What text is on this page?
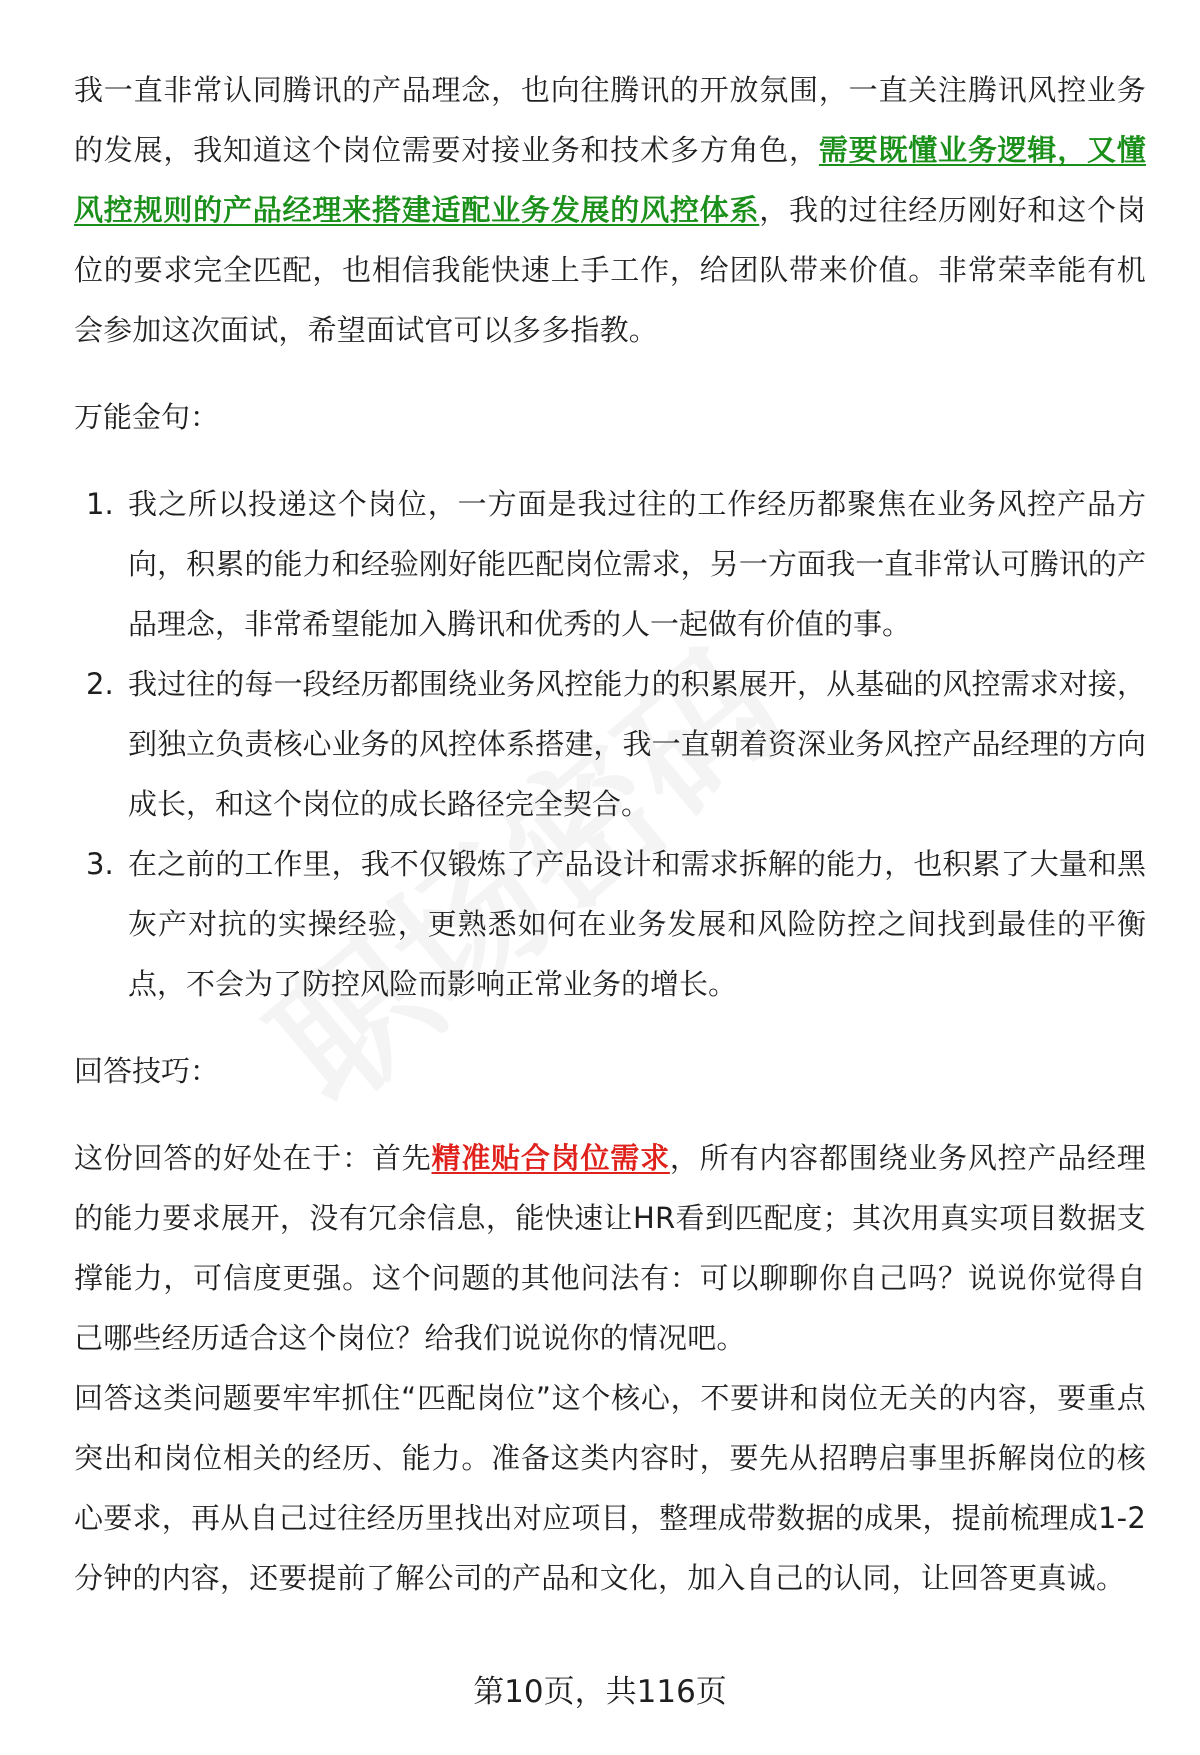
我一直非常认同腾讯的产品理念，也向往腾讯的开放氛围，一直关注腾讯风控业务的发展，我知道这个岗位需要对接业务和技术多方角色，需要既懂业务逻辑，又懂风控规则的产品经理来搭建适配业务发展的风控体系，我的过往经历刚好和这个岗位的要求完全匹配，也相信我能快速上手工作，给团队带来价值。非常荣幸能有机会参加这次面试，希望面试官可以多多指教。

万能金句：
1. 我之所以投递这个岗位，一方面是我过往的工作经历都聚焦在业务风控产品方向，积累的能力和经验刚好能匹配岗位需求，另一方面我一直非常认可腾讯的产品理念，非常希望能加入腾讯和优秀的人一起做有价值的事。
2. 我过往的每一段经历都围绕业务风控能力的积累展开，从基础的风控需求对接，到独立负责核心业务的风控体系搭建，我一直朝着资深业务风控产品经理的方向成长，和这个岗位的成长路径完全契合。
3. 在之前的工作里，我不仅锻炼了产品设计和需求拆解的能力，也积累了大量和黑灰产对抗的实操经验，更熟悉如何在业务发展和风险防控之间找到最佳的平衡点，不会为了防控风险而影响正常业务的增长。
回答技巧：

这份回答的好处在于：首先精准贴合岗位需求，所有内容都围绕业务风控产品经理的能力要求展开，没有冗余信息，能快速让HR看到匹配度；其次用真实项目数据支撑能力，可信度更强。这个问题的其他问法有：可以聊聊你自己吗？说说你觉得自己哪些经历适合这个岗位？给我们说说你的情况吧。

回答这类问题要牢牢抓住“匹配岗位”这个核心，不要讲和岗位无关的内容，要重点突出和岗位相关的经历、能力。准备这类内容时，要先从招聘启事里拆解岗位的核心要求，再从自己过往经历里找出对应项目，整理成带数据的成果，提前梳理成1-2分钟的内容，还要提前了解公司的产品和文化，加入自己的认同，让回答更真诚。

第10页，共116页
